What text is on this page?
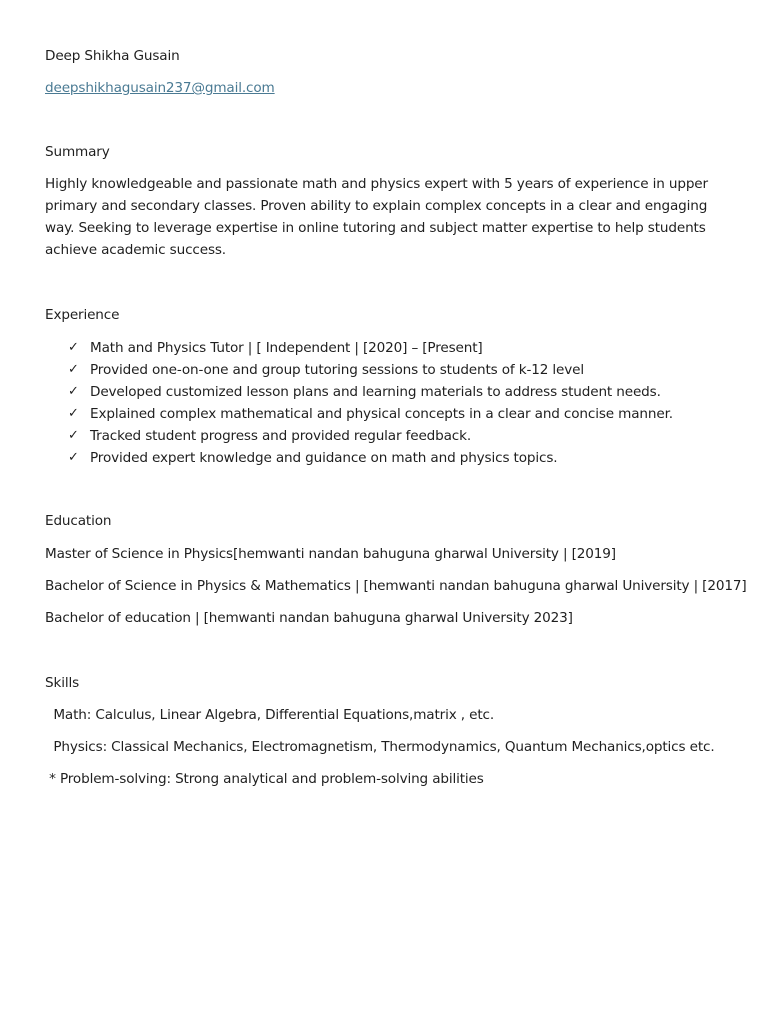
Deep Shikha Gusain
deepshikhagusain237@gmail.com
Summary

Highly knowledgeable and passionate math and physics expert with 5 years of experience in upper primary and secondary classes. Proven ability to explain complex concepts in a clear and engaging way. Seeking to leverage expertise in online tutoring and subject matter expertise to help students achieve academic success.

Experience
✓ Math and Physics Tutor | [ Independent | [2020] – [Present]
✓ Provided one-on-one and group tutoring sessions to students of k-12 level
✓ Developed customized lesson plans and learning materials to address student needs.
✓ Explained complex mathematical and physical concepts in a clear and concise manner.
✓ Tracked student progress and provided regular feedback.
✓ Provided expert knowledge and guidance on math and physics topics.
Education
Master of Science in Physics[hemwanti nandan bahuguna gharwal University | [2019]
Bachelor of Science in Physics & Mathematics | [hemwanti nandan bahuguna gharwal University | [2017]
Bachelor of education | [hemwanti nandan bahuguna gharwal University 2023]
Skills
Math: Calculus, Linear Algebra, Differential Equations,matrix , etc.
Physics: Classical Mechanics, Electromagnetism, Thermodynamics, Quantum Mechanics,optics etc.
* Problem-solving: Strong analytical and problem-solving abilities
